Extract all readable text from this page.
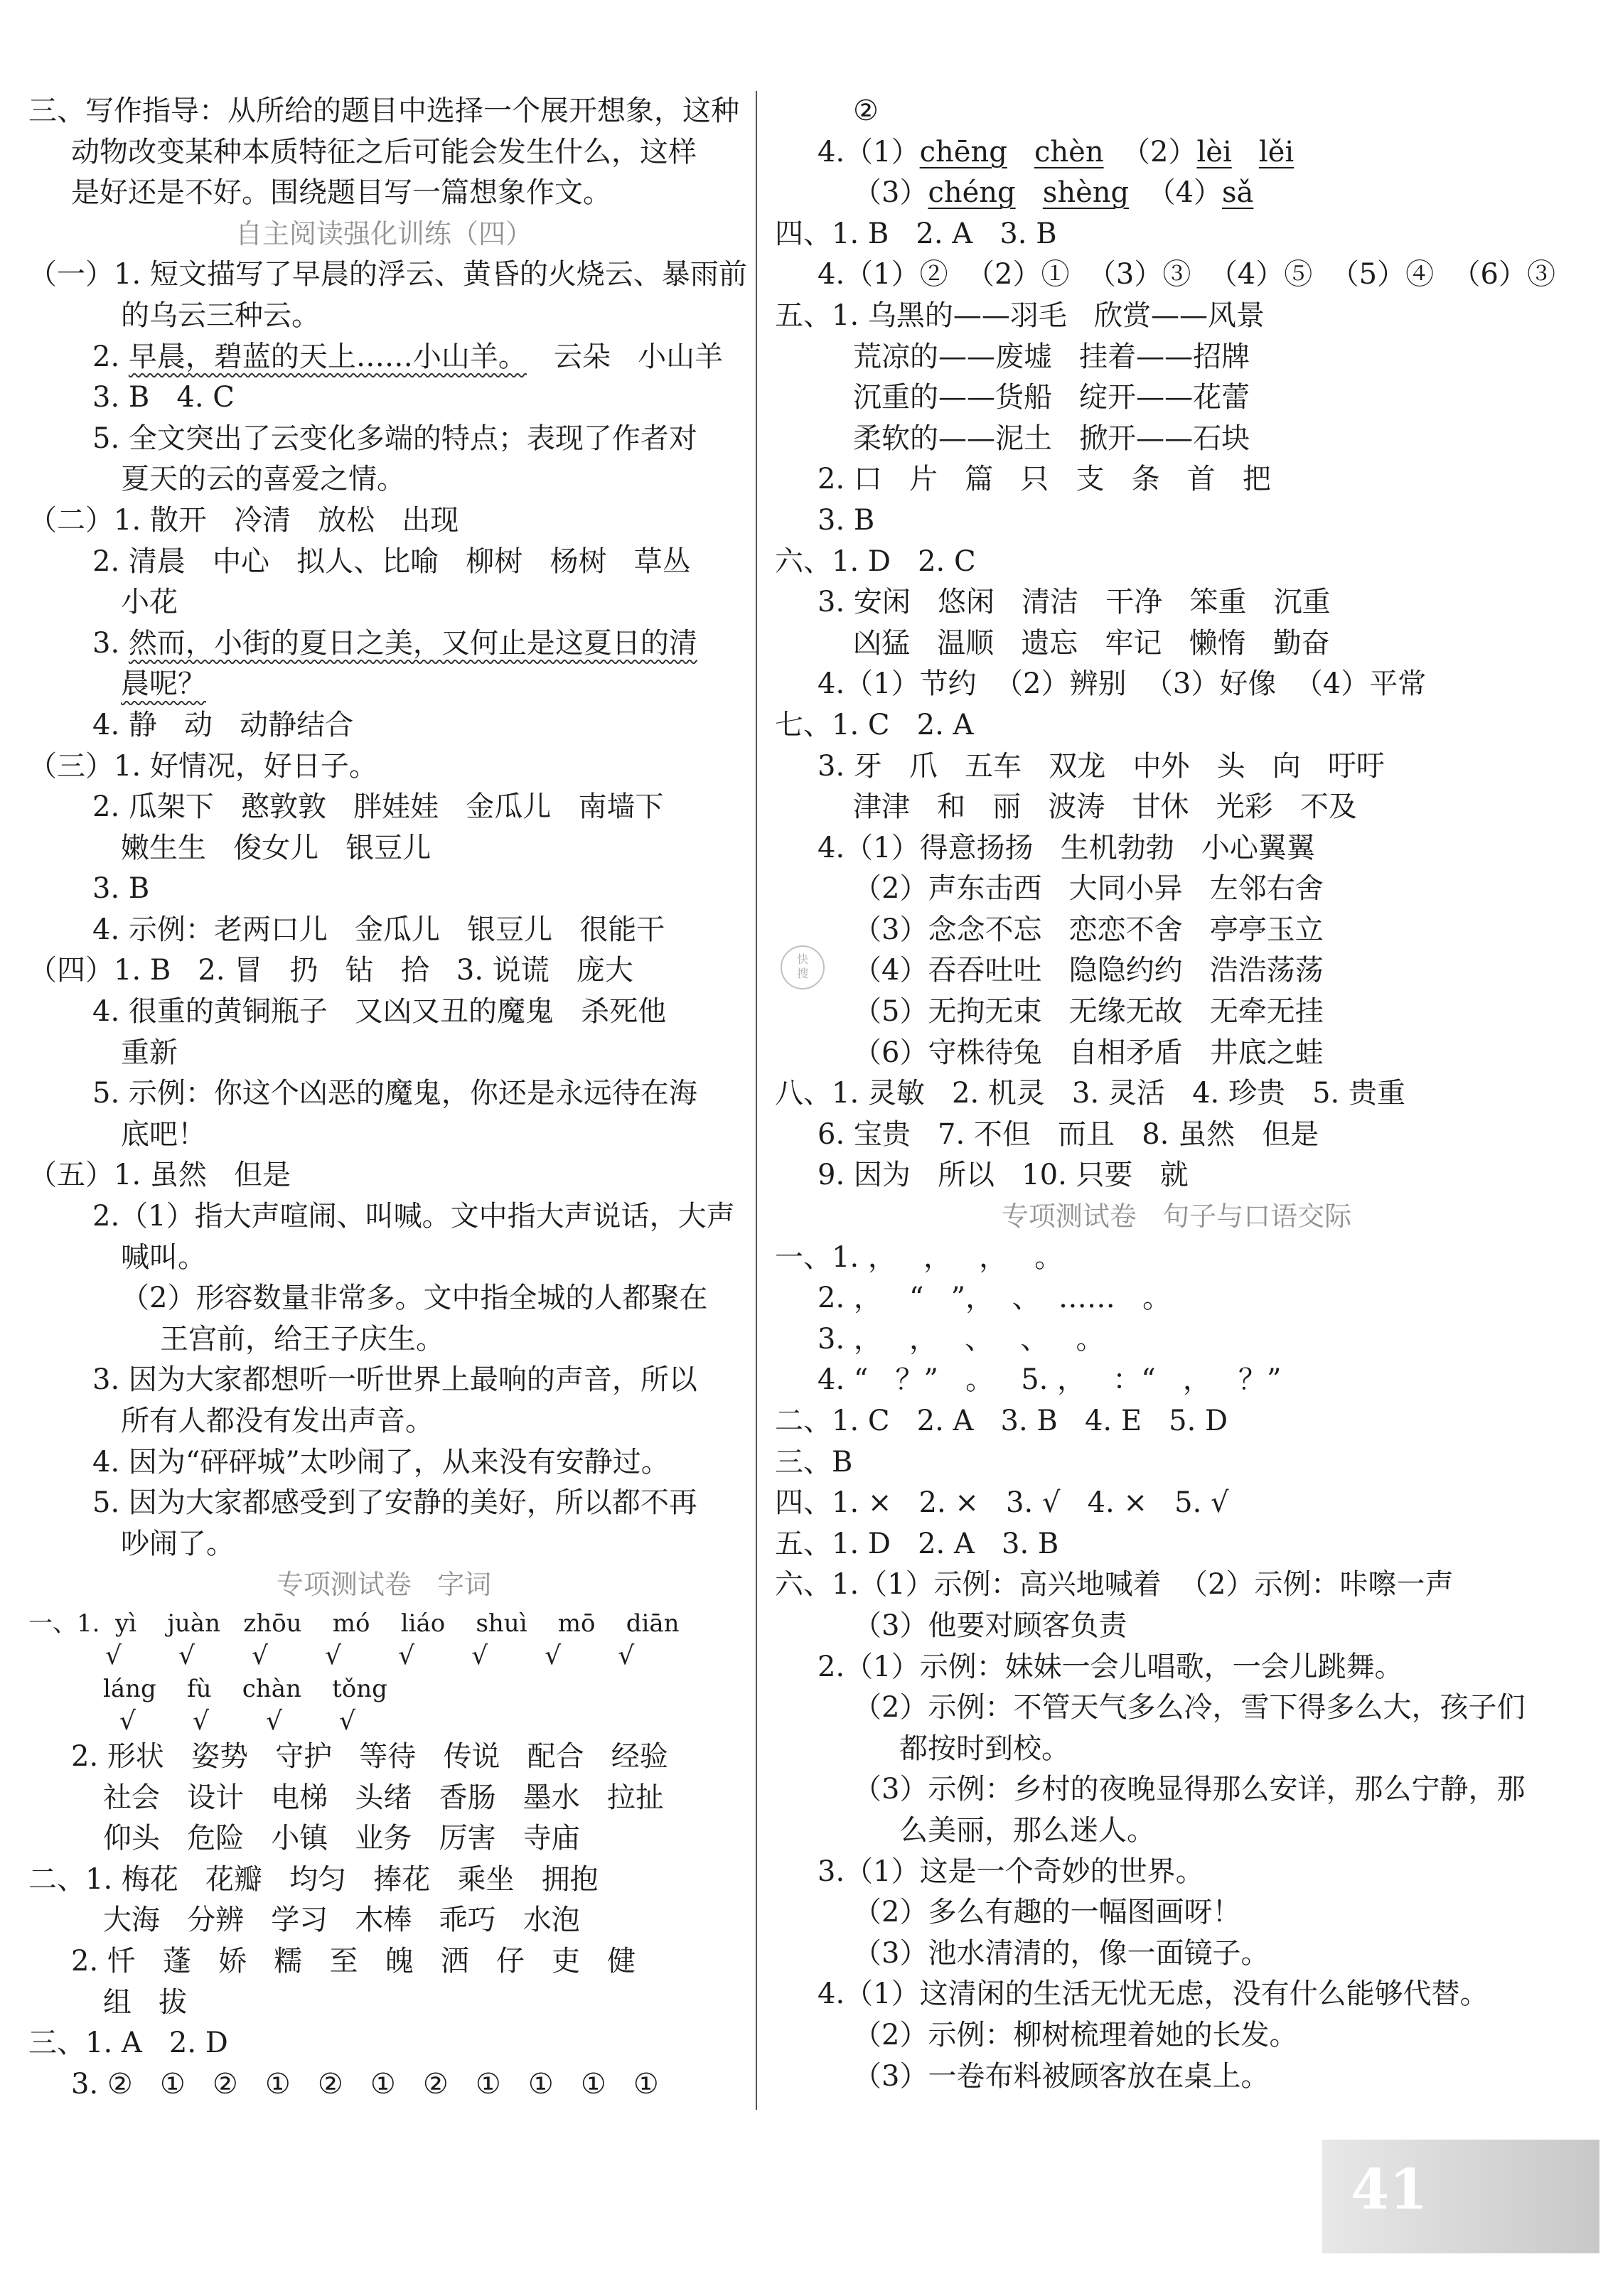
三、写作指导：从所给的题目中选择一个展开想象，这种
动物改变某种本质特征之后可能会发生什么，这样
是好还是不好。围绕题目写一篇想象作文。
自主阅读强化训练（四）
（一）1. 短文描写了早晨的浮云、黄昏的火烧云、暴雨前
的乌云三种云。
2. 早晨，碧蓝的天上……小山羊。   云朵   小山羊
3. B   4. C
5. 全文突出了云变化多端的特点；表现了作者对
夏天的云的喜爱之情。
（二）1. 散开   冷清   放松   出现
2. 清晨   中心   拟人、比喻   柳树   杨树   草丛
小花
3. 然而，小街的夏日之美，又何止是这夏日的清
晨呢？
4. 静   动   动静结合
（三）1. 好情况，好日子。
2. 瓜架下   憨敦敦   胖娃娃   金瓜儿   南墙下
嫩生生   俊女儿   银豆儿
3. B
4. 示例：老两口儿   金瓜儿   银豆儿   很能干
（四）1. B   2. 冒   扔   钻   拾   3. 说谎   庞大
4. 很重的黄铜瓶子   又凶又丑的魔鬼   杀死他
重新
5. 示例：你这个凶恶的魔鬼，你还是永远待在海
底吧！
（五）1. 虽然   但是
2.（1）指大声喧闹、叫喊。文中指大声说话，大声
喊叫。
（2）形容数量非常多。文中指全城的人都聚在
王宫前，给王子庆生。
3. 因为大家都想听一听世界上最响的声音，所以
所有人都没有发出声音。
4. 因为“砰砰城”太吵闹了，从来没有安静过。
5. 因为大家都感受到了安静的美好，所以都不再
吵闹了。
专项测试卷   字词
一、1.  yì    juàn   zhōu    mó    liáo    shuì    mō    diān
√       √       √       √       √       √       √       √
láng    fù    chàn    tǒng
√       √       √       √
2. 形状   姿势   守护   等待   传说   配合   经验
社会   设计   电梯   头绪   香肠   墨水   拉扯
仰头   危险   小镇   业务   厉害   寺庙
二、1. 梅花   花瓣   均匀   捧花   乘坐   拥抱
大海   分辨   学习   木棒   乖巧   水泡
2. 忏   蓬   娇   糯   至   魄   洒   仔   吏   健
组   拔
三、1. A   2. D
3. ②   ①   ②   ①   ②   ①   ②   ①   ①   ①   ①
②
4.（1）chēng chèn  （2）lèi lěi
（3）chéng shèng  （4）sǎ
四、1. B   2. A   3. B
4.（1）②  （2）①  （3）③  （4）⑤  （5）④  （6）③
五、1. 乌黑的——羽毛   欣赏——风景
荒凉的——废墟   挂着——招牌
沉重的——货船   绽开——花蕾
柔软的——泥土   掀开——石块
2. 口   片   篇   只   支   条   首   把
3. B
六、1. D   2. C
3. 安闲   悠闲   清洁   干净   笨重   沉重
凶猛   温顺   遗忘   牢记   懒惰   勤奋
4.（1）节约  （2）辨别  （3）好像  （4）平常
七、1. C   2. A
3. 牙   爪   五车   双龙   中外   头   向   吁吁
津津   和   丽   波涛   甘休   光彩   不及
4.（1）得意扬扬   生机勃勃   小心翼翼
（2）声东击西   大同小异   左邻右舍
（3）念念不忘   恋恋不舍   亭亭玉立
（4）吞吞吐吐   隐隐约约   浩浩荡荡
（5）无拘无束   无缘无故   无牵无挂
（6）守株待兔   自相矛盾   井底之蛙
八、1. 灵敏   2. 机灵   3. 灵活   4. 珍贵   5. 贵重
6. 宝贵   7. 不但   而且   8. 虽然   但是
9. 因为   所以   10. 只要   就
专项测试卷   句子与口语交际
一、1. ，   ，   ，   。
2. ，   “   ”，  、  ……   。
3. ，   ，   、   、   。
4. “   ？”   。   5. ，   ：“   ，   ？”
二、1. C   2. A   3. B   4. E   5. D
三、B
四、1. ×   2. ×   3. √   4. ×   5. √
五、1. D   2. A   3. B
六、1.（1）示例：高兴地喊着  （2）示例：咔嚓一声
（3）他要对顾客负责
2.（1）示例：妹妹一会儿唱歌，一会儿跳舞。
（2）示例：不管天气多么冷，雪下得多么大，孩子们
都按时到校。
（3）示例：乡村的夜晚显得那么安详，那么宁静，那
么美丽，那么迷人。
3.（1）这是一个奇妙的世界。
（2）多么有趣的一幅图画呀！
（3）池水清清的，像一面镜子。
4.（1）这清闲的生活无忧无虑，没有什么能够代替。
（2）示例：柳树梳理着她的长发。
（3）一卷布料被顾客放在桌上。
快
搜
41
